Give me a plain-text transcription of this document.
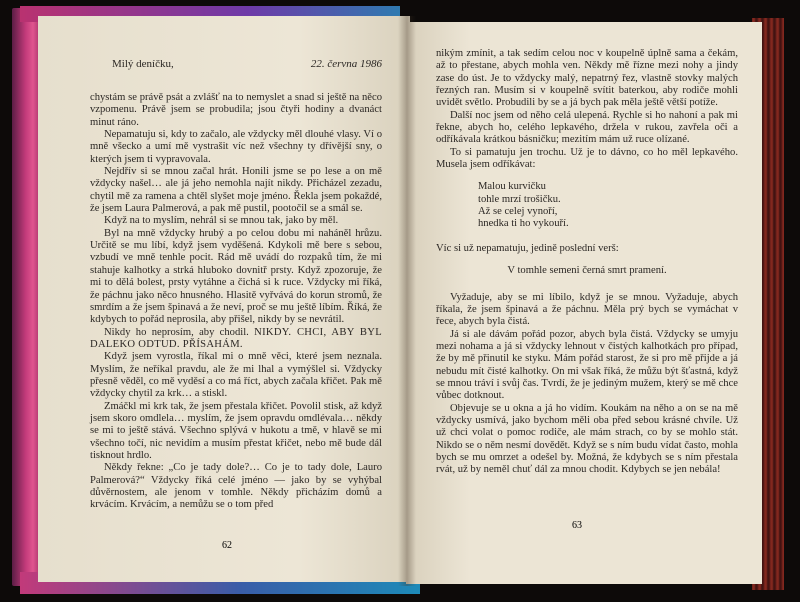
Milý deníčku,	22. června 1986

chystám se právě psát a zvlášť na to nemyslet a snad si ještě na něco vzpomenu. Právě jsem se probudila; jsou čtyři hodiny a dvanáct minut ráno.

Nepamatuju si, kdy to začalo, ale vždycky měl dlouhé vlasy. Ví o mně všecko a umí mě vystrašit víc než všechny ty dřívější sny, o kterých jsem ti vypravovala.

Nejdřív si se mnou začal hrát. Honili jsme se po lese a on mě vždycky našel… ale já jeho nemohla najít nikdy. Přicházel zezadu, chytil mě za ramena a chtěl slyšet moje jméno. Řekla jsem pokaždé, že jsem Laura Palmerová, a pak mě pustil, pootočil se a smál se.

Když na to myslím, nehrál si se mnou tak, jako by měl.

Byl na mně vždycky hrubý a po celou dobu mi naháněl hrůzu. Určitě se mu líbí, když jsem vyděšená. Kdykoli mě bere s sebou, vzbudí ve mně tenhle pocit. Rád mě uvádí do rozpaků tím, že mi stahuje kalhotky a strká hluboko dovnitř prsty. Když zpozoruje, že mi to dělá bolest, prsty vytáhne a čichá si k ruce. Vždycky mi říká, že páchnu jako něco hnusného. Hlasitě vyřvává do korun stromů, že smrdím a že jsem špinavá a že neví, proč se mu ještě líbím. Říká, že kdybych to pořád neprosila, aby přišel, nikdy by se nevrátil.

Nikdy ho neprosím, aby chodil. NIKDY. CHCI, ABY BYL DALEKO ODTUD. PŘÍSAHÁM.

Když jsem vyrostla, říkal mi o mně věci, které jsem neznala. Myslím, že neříkal pravdu, ale že mi lhal a vymýšlel si. Vždycky přesně věděl, co mě vyděsí a co má říct, abych začala křičet. Pak mě vždycky chytil za krk… a stiskl.

Zmáčkl mi krk tak, že jsem přestala křičet. Povolil stisk, až když jsem skoro omdlela… myslím, že jsem opravdu omdlévala… někdy se mi to ještě stává. Všechno splývá v hukotu a tmě, v hlavě se mi všechno točí, nic nevidím a musím přestat křičet, nebo mě bude dál tisknout hrdlo.

Někdy řekne: „Co je tady dole?… Co je to tady dole, Lauro Palmerová?“ Vždycky říká celé jméno — jako by se vyhýbal důvěrnostem, ale jenom v tomhle. Někdy přicházím domů a krvácím. Krvácím, a nemůžu se o tom před

62

nikým zmínit, a tak sedím celou noc v koupelně úplně sama a čekám, až to přestane, abych mohla ven. Někdy mě řízne mezi nohy a jindy zase do úst. Je to vždycky malý, nepatrný řez, vlastně stovky malých řezných ran. Musím si v koupelně svítit baterkou, aby rodiče mohli uvidět světlo. Probudili by se a já bych pak měla ještě větší potíže.

Další noc jsem od něho celá ulepená. Rychle si ho nahoní a pak mi řekne, abych ho, celého lepkavého, držela v rukou, zavřela oči a odříkávala krátkou básničku; mezitím mám už ruce olízané.

To si pamatuju jen trochu. Už je to dávno, co ho měl lepkavého. Musela jsem odříkávat:

Malou kurvičku
tohle mrzí trošičku.
Až se celej vynoří,
hnedka ti ho vykouří.

Víc si už nepamatuju, jedině poslední verš:

V tomhle semeni černá smrt pramení.

Vyžaduje, aby se mi líbilo, když je se mnou. Vyžaduje, abych říkala, že jsem špinavá a že páchnu. Měla prý bych se vymáchat v řece, abych byla čistá.

Já si ale dávám pořád pozor, abych byla čistá. Vždycky se umyju mezi nohama a já si vždycky lehnout v čistých kalhotkách pro případ, že by mě přinutil ke styku. Mám pořád starost, že si pro mě přijde a já nebudu mít čisté kalhotky. On mi však říká, že můžu být šťastná, když se mnou tráví i svůj čas. Tvrdí, že je jediným mužem, který se mě chce vůbec dotknout.

Objevuje se u okna a já ho vidím. Koukám na něho a on se na mě vždycky usmívá, jako bychom měli oba před sebou krásné chvíle. Už už chci volat o pomoc rodiče, ale mám strach, co by se mohlo stát. Nikdo se o něm nesmí dovědět. Když se s ním budu vídat často, mohla bych se mu omrzet a odešel by. Možná, že kdybych se s ním přestala rvát, už by neměl chuť dál za mnou chodit. Kdybych se jen nebála!

63
